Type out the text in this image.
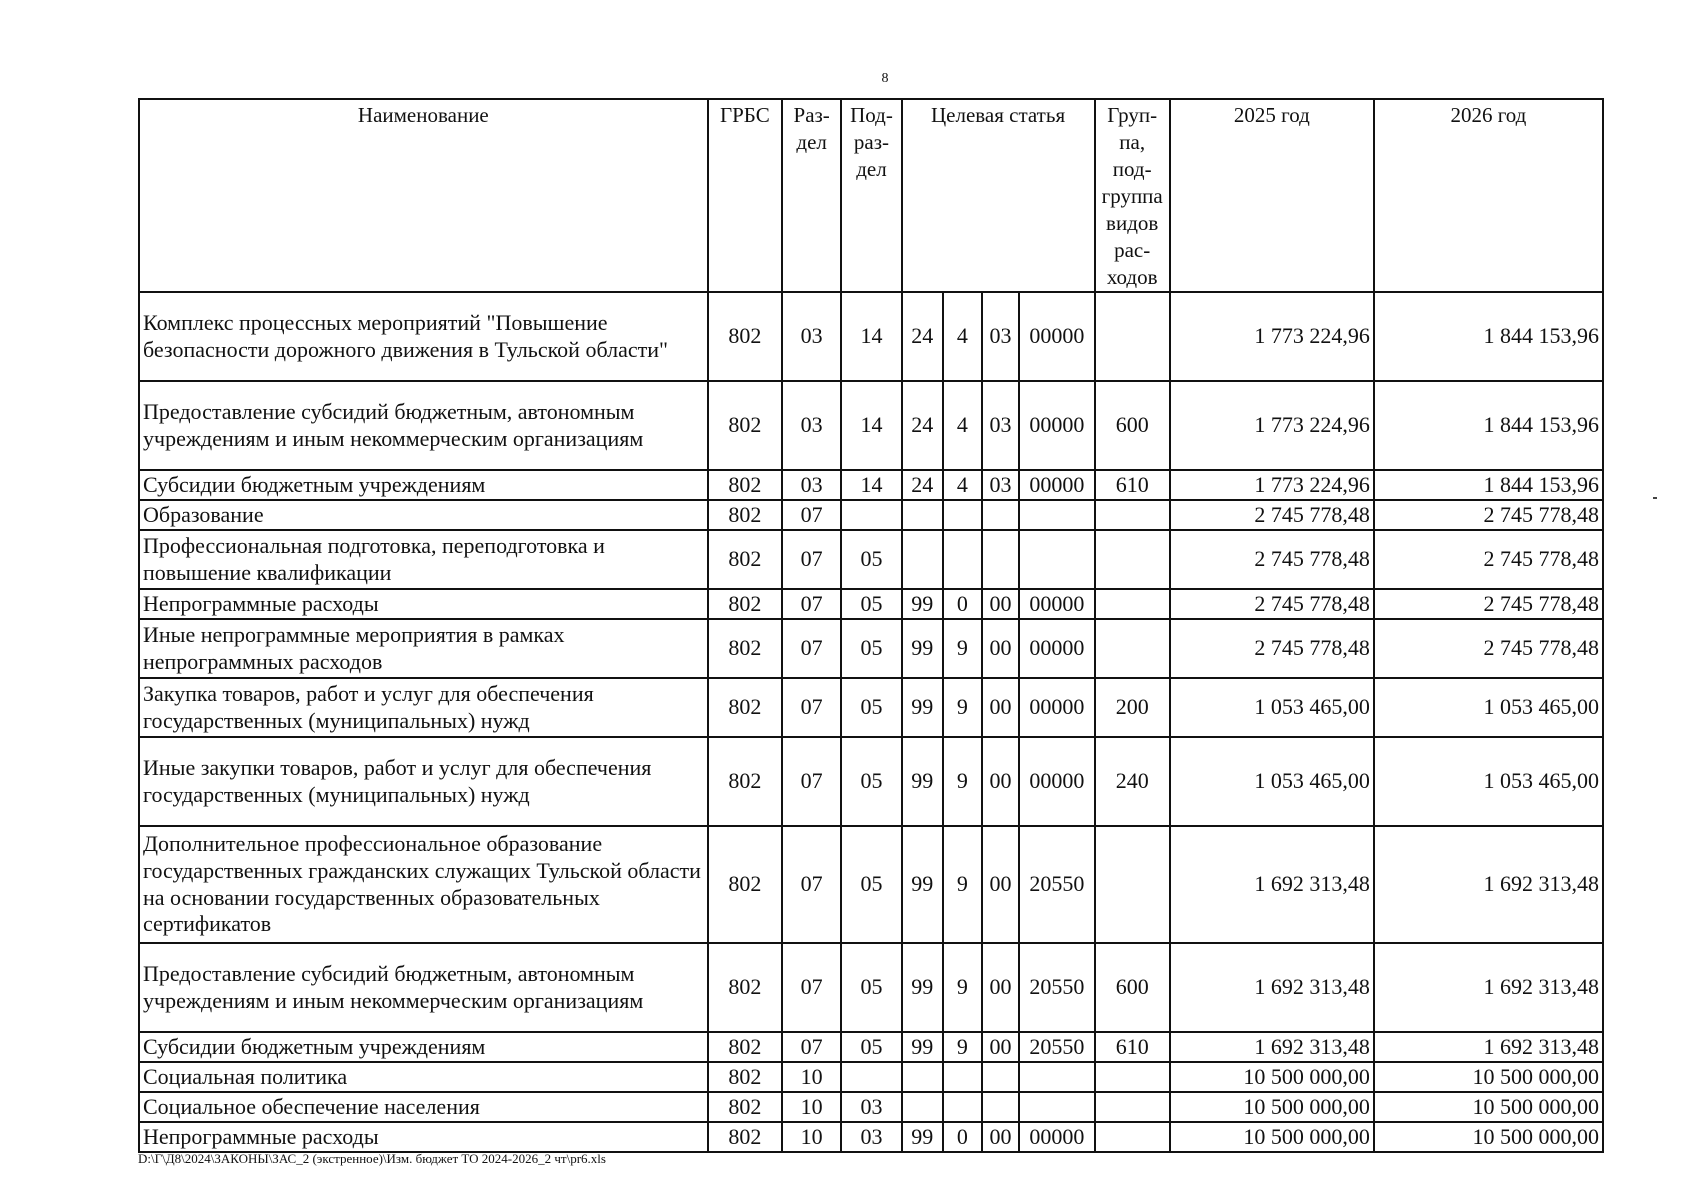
8
Наименование	ГРБС	Раз- дел	Под- раз- дел	Целевая статья				Груп- па, под- группа видов рас- ходов	2025 год	2026 год
Комплекс процессных мероприятий "Повышение безопасности дорожного движения в Тульской области"	802	03	14	24	4	03	00000		1 773 224,96	1 844 153,96
Предоставление субсидий бюджетным, автономным учреждениям и иным некоммерческим организациям	802	03	14	24	4	03	00000	600	1 773 224,96	1 844 153,96
Субсидии бюджетным учреждениям	802	03	14	24	4	03	00000	610	1 773 224,96	1 844 153,96
Образование	802	07							2 745 778,48	2 745 778,48
Профессиональная подготовка, переподготовка и повышение квалификации	802	07	05						2 745 778,48	2 745 778,48
Непрограммные расходы	802	07	05	99	0	00	00000		2 745 778,48	2 745 778,48
Иные непрограммные мероприятия в рамках непрограммных расходов	802	07	05	99	9	00	00000		2 745 778,48	2 745 778,48
Закупка товаров, работ и услуг для обеспечения государственных (муниципальных) нужд	802	07	05	99	9	00	00000	200	1 053 465,00	1 053 465,00
Иные закупки товаров, работ и услуг для обеспечения государственных (муниципальных) нужд	802	07	05	99	9	00	00000	240	1 053 465,00	1 053 465,00
Дополнительное профессиональное образование государственных гражданских служащих Тульской области на основании государственных образовательных сертификатов	802	07	05	99	9	00	20550		1 692 313,48	1 692 313,48
Предоставление субсидий бюджетным, автономным учреждениям и иным некоммерческим организациям	802	07	05	99	9	00	20550	600	1 692 313,48	1 692 313,48
Субсидии бюджетным учреждениям	802	07	05	99	9	00	20550	610	1 692 313,48	1 692 313,48
Социальная политика	802	10							10 500 000,00	10 500 000,00
Социальное обеспечение населения	802	10	03						10 500 000,00	10 500 000,00
Непрограммные расходы	802	10	03	99	0	00	00000		10 500 000,00	10 500 000,00
D:\Г\Д8\2024\ЗАКОНЫ\ЗАС_2 (экстренное)\Изм. бюджет ТО 2024-2026_2 чт\pr6.xls
